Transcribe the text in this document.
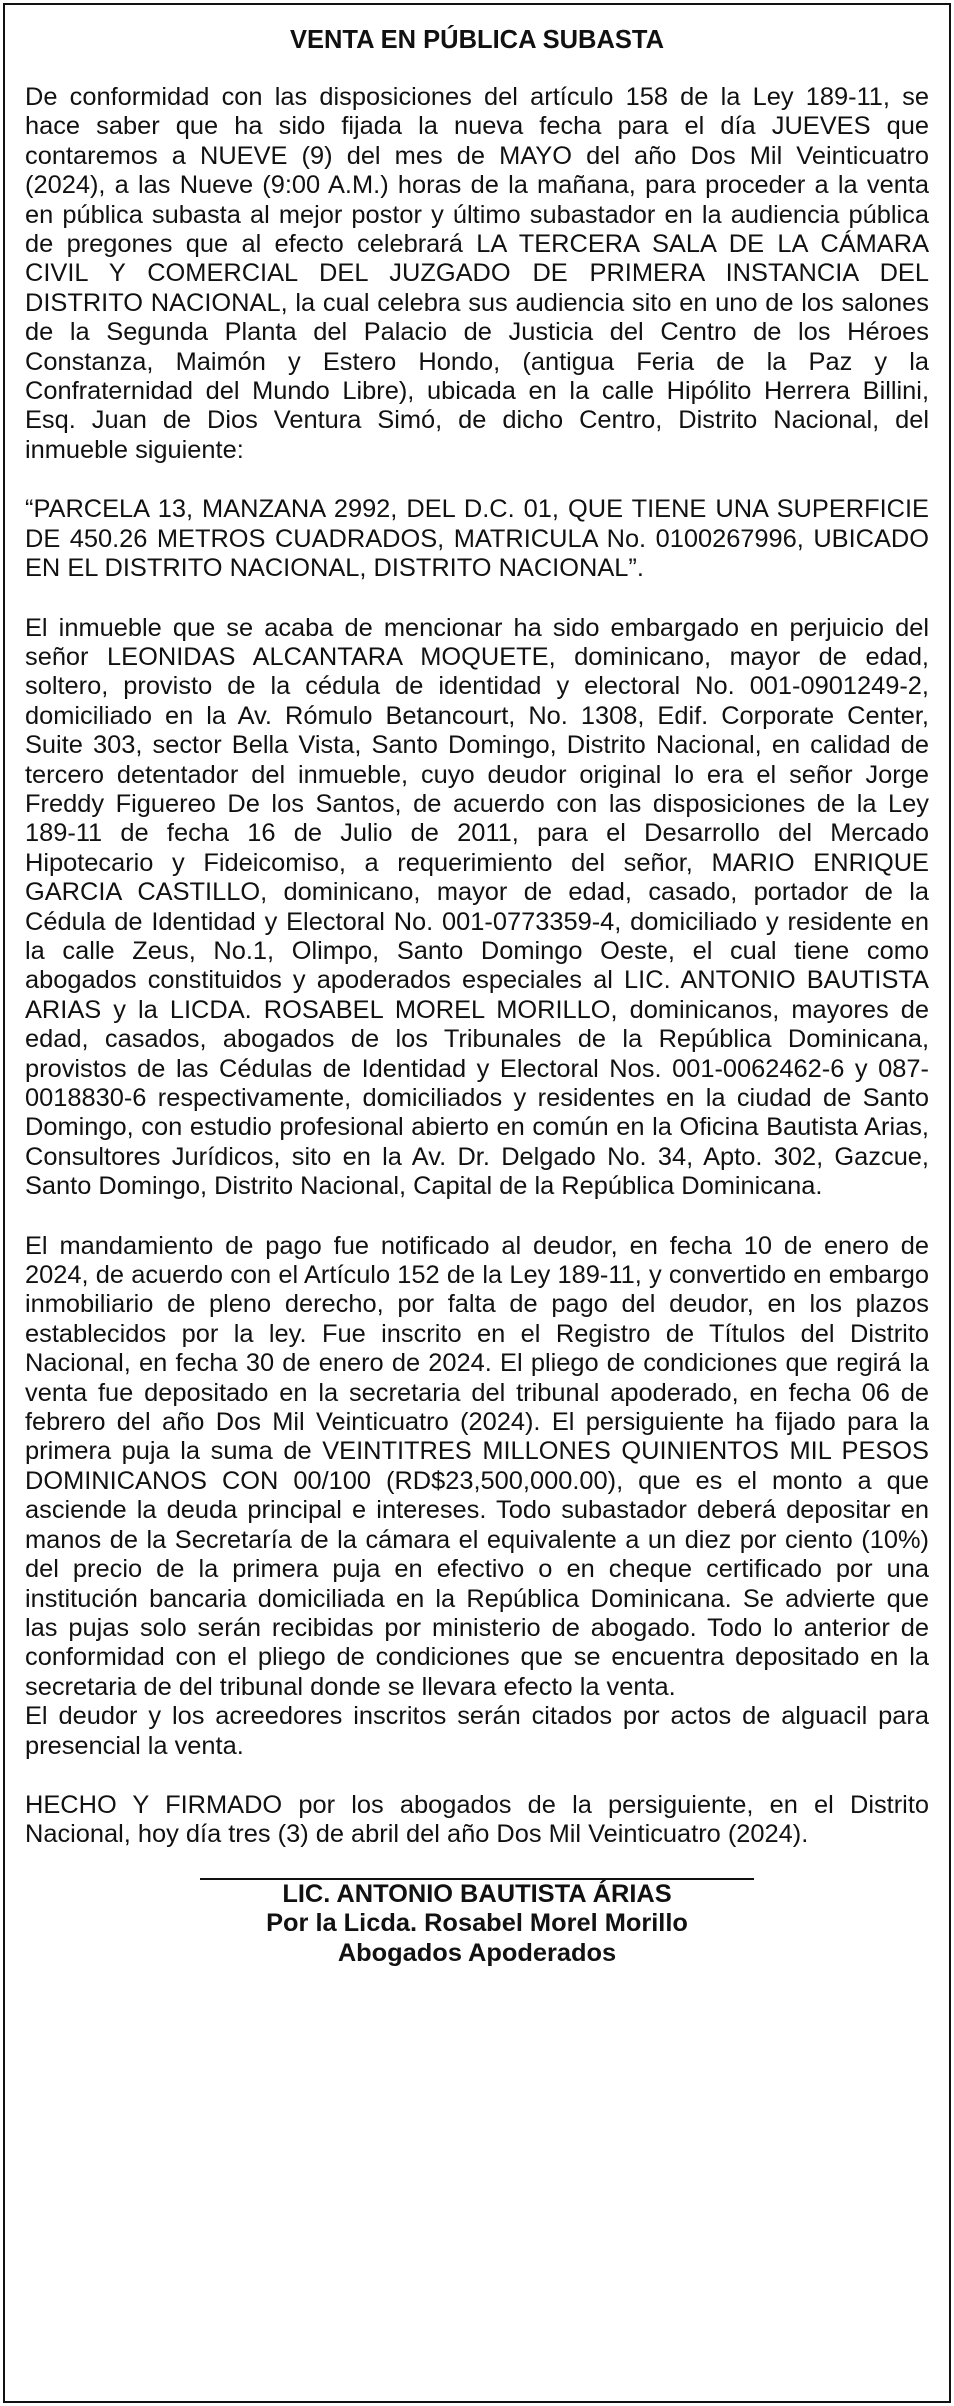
VENTA EN PÚBLICA SUBASTA

De conformidad con las disposiciones del artículo 158 de la Ley 189-11, se hace saber que ha sido fijada la nueva fecha para el día JUEVES que contaremos a NUEVE (9) del mes de MAYO del año Dos Mil Veinticuatro (2024), a las Nueve (9:00 A.M.) horas de la mañana, para proceder a la venta en pública subasta al mejor postor y último subastador en la audiencia pública de pregones que al efecto celebrará LA TERCERA SALA DE LA CÁMARA CIVIL Y COMERCIAL DEL JUZGADO DE PRIMERA INSTANCIA DEL DISTRITO NACIONAL, la cual celebra sus audiencia sito en uno de los salones de la Segunda Planta del Palacio de Justicia del Centro de los Héroes Constanza, Maimón y Estero Hondo, (antigua Feria de la Paz y la Confraternidad del Mundo Libre), ubicada en la calle Hipólito Herrera Billini, Esq. Juan de Dios Ventura Simó, de dicho Centro, Distrito Nacional, del inmueble siguiente:

“PARCELA 13, MANZANA 2992, DEL D.C. 01, QUE TIENE UNA SUPERFICIE DE 450.26 METROS CUADRADOS, MATRICULA No. 0100267996, UBICADO EN EL DISTRITO NACIONAL, DISTRITO NACIONAL”.

El inmueble que se acaba de mencionar ha sido embargado en perjuicio del señor LEONIDAS ALCANTARA MOQUETE, dominicano, mayor de edad, soltero, provisto de la cédula de identidad y electoral No. 001-0901249-2, domiciliado en la Av. Rómulo Betancourt, No. 1308, Edif. Corporate Center, Suite 303, sector Bella Vista, Santo Domingo, Distrito Nacional, en calidad de tercero detentador del inmueble, cuyo deudor original lo era el señor Jorge Freddy Figuereo De los Santos, de acuerdo con las disposiciones de la Ley 189-11 de fecha 16 de Julio de 2011, para el Desarrollo del Mercado Hipotecario y Fideicomiso, a requerimiento del señor, MARIO ENRIQUE GARCIA CASTILLO, dominicano, mayor de edad, casado, portador de la Cédula de Identidad y Electoral No. 001-0773359-4, domiciliado y residente en la calle Zeus, No.1, Olimpo, Santo Domingo Oeste, el cual tiene como abogados constituidos y apoderados especiales al LIC. ANTONIO BAUTISTA ARIAS y la LICDA. ROSABEL MOREL MORILLO, dominicanos, mayores de edad, casados, abogados de los Tribunales de la República Dominicana, provistos de las Cédulas de Identidad y Electoral Nos. 001-0062462-6 y 087-0018830-6 respectivamente, domiciliados y residentes en la ciudad de Santo Domingo, con estudio profesional abierto en común en la Oficina Bautista Arias, Consultores Jurídicos, sito en la Av. Dr. Delgado No. 34, Apto. 302, Gazcue, Santo Domingo, Distrito Nacional, Capital de la República Dominicana.

El mandamiento de pago fue notificado al deudor, en fecha 10 de enero de 2024, de acuerdo con el Artículo 152 de la Ley 189-11, y convertido en embargo inmobiliario de pleno derecho, por falta de pago del deudor, en los plazos establecidos por la ley. Fue inscrito en el Registro de Títulos del Distrito Nacional, en fecha 30 de enero de 2024. El pliego de condiciones que regirá la venta fue depositado en la secretaria del tribunal apoderado, en fecha 06 de febrero del año Dos Mil Veinticuatro (2024). El persiguiente ha fijado para la primera puja la suma de VEINTITRES MILLONES QUINIENTOS MIL PESOS DOMINICANOS CON 00/100 (RD$23,500,000.00), que es el monto a que asciende la deuda principal e intereses. Todo subastador deberá depositar en manos de la Secretaría de la cámara el equivalente a un diez por ciento (10%) del precio de la primera puja en efectivo o en cheque certificado por una institución bancaria domiciliada en la República Dominicana. Se advierte que las pujas solo serán recibidas por ministerio de abogado. Todo lo anterior de conformidad con el pliego de condiciones que se encuentra depositado en la secretaria de del tribunal donde se llevara efecto la venta.

El deudor y los acreedores inscritos serán citados por actos de alguacil para presencial la venta.

HECHO Y FIRMADO por los abogados de la persiguiente, en el Distrito Nacional, hoy día tres (3) de abril del año Dos Mil Veinticuatro (2024).

LIC. ANTONIO BAUTISTA ÁRIAS

Por la Licda. Rosabel Morel Morillo

Abogados Apoderados
